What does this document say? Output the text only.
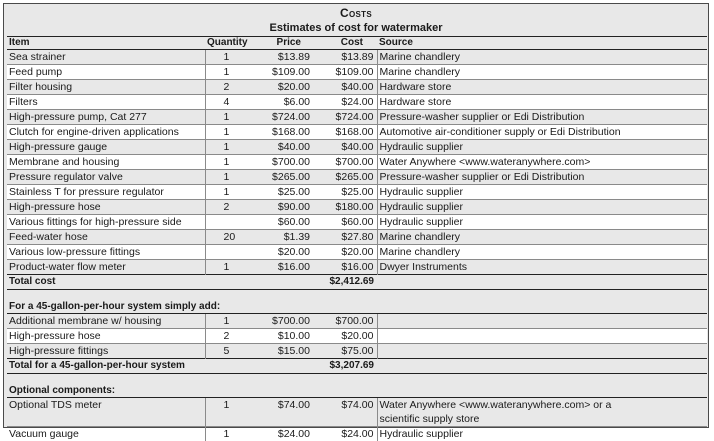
Costs
Estimates of cost for watermaker
Item	Quantity	Price	Cost	Source
Sea strainer	1	$13.89	$13.89	Marine chandlery
Feed pump	1	$109.00	$109.00	Marine chandlery
Filter housing	2	$20.00	$40.00	Hardware store
Filters	4	$6.00	$24.00	Hardware store
High-pressure pump, Cat 277	1	$724.00	$724.00	Pressure-washer supplier or Edi Distribution
Clutch for engine-driven applications	1	$168.00	$168.00	Automotive air-conditioner supply or Edi Distribution
High-pressure gauge	1	$40.00	$40.00	Hydraulic supplier
Membrane and housing	1	$700.00	$700.00	Water Anywhere <www.wateranywhere.com>
Pressure regulator valve	1	$265.00	$265.00	Pressure-washer supplier or Edi Distribution
Stainless T for pressure regulator	1	$25.00	$25.00	Hydraulic supplier
High-pressure hose	2	$90.00	$180.00	Hydraulic supplier
Various fittings for high-pressure side		$60.00	$60.00	Hydraulic supplier
Feed-water hose	20	$1.39	$27.80	Marine chandlery
Various low-pressure fittings		$20.00	$20.00	Marine chandlery
Product-water flow meter	1	$16.00	$16.00	Dwyer Instruments
Total cost			$2,412.69	

For a 45-gallon-per-hour system simply add:				
Additional membrane w/ housing	1	$700.00	$700.00	
High-pressure hose	2	$10.00	$20.00	
High-pressure fittings	5	$15.00	$75.00	
Total for a 45-gallon-per-hour system			$3,207.69	

Optional components:				
Optional TDS meter	1	$74.00	$74.00	Water Anywhere <www.wateranywhere.com> or a
				scientific supply store
Vacuum gauge	1	$24.00	$24.00	Hydraulic supplier
